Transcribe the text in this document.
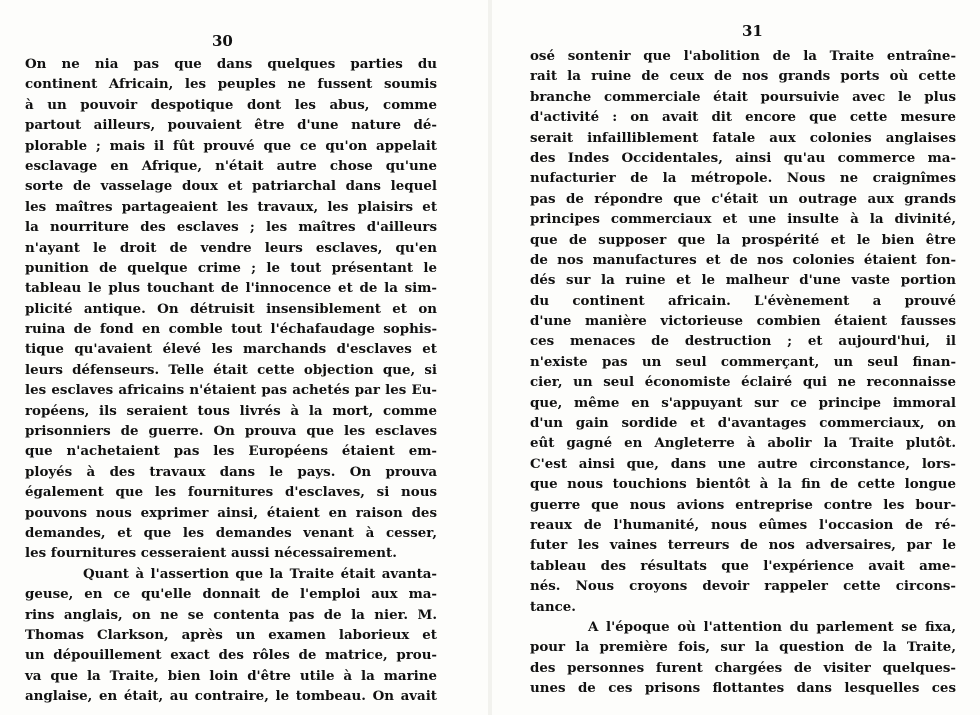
30
On ne nia pas que dans quelques parties du
continent Africain, les peuples ne fussent soumis
à un pouvoir despotique dont les abus, comme
partout ailleurs, pouvaient être d'une nature dé-
plorable ; mais il fût prouvé que ce qu'on appelait
esclavage en Afrique, n'était autre chose qu'une
sorte de vasselage doux et patriarchal dans lequel
les maîtres partageaient les travaux, les plaisirs et
la nourriture des esclaves ; les maîtres d'ailleurs
n'ayant le droit de vendre leurs esclaves, qu'en
punition de quelque crime ; le tout présentant le
tableau le plus touchant de l'innocence et de la sim-
plicité antique. On détruisit insensiblement et on
ruina de fond en comble tout l'échafaudage sophis-
tique qu'avaient élevé les marchands d'esclaves et
leurs défenseurs. Telle était cette objection que, si
les esclaves africains n'étaient pas achetés par les Eu-
ropéens, ils seraient tous livrés à la mort, comme
prisonniers de guerre. On prouva que les esclaves
que n'achetaient pas les Européens étaient em-
ployés à des travaux dans le pays. On prouva
également que les fournitures d'esclaves, si nous
pouvons nous exprimer ainsi, étaient en raison des
demandes, et que les demandes venant à cesser,
les fournitures cesseraient aussi nécessairement.
Quant à l'assertion que la Traite était avanta-
geuse, en ce qu'elle donnait de l'emploi aux ma-
rins anglais, on ne se contenta pas de la nier. M.
Thomas Clarkson, après un examen laborieux et
un dépouillement exact des rôles de matrice, prou-
va que la Traite, bien loin d'être utile à la marine
anglaise, en était, au contraire, le tombeau. On avait
31
osé sontenir que l'abolition de la Traite entraîne-
rait la ruine de ceux de nos grands ports où cette
branche commerciale était poursuivie avec le plus
d'activité : on avait dit encore que cette mesure
serait infailliblement fatale aux colonies anglaises
des Indes Occidentales, ainsi qu'au commerce ma-
nufacturier de la métropole. Nous ne craignîmes
pas de répondre que c'était un outrage aux grands
principes commerciaux et une insulte à la divinité,
que de supposer que la prospérité et le bien être
de nos manufactures et de nos colonies étaient fon-
dés sur la ruine et le malheur d'une vaste portion
du continent africain. L'évènement a prouvé
d'une manière victorieuse combien étaient fausses
ces menaces de destruction ; et aujourd'hui, il
n'existe pas un seul commerçant, un seul finan-
cier, un seul économiste éclairé qui ne reconnaisse
que, même en s'appuyant sur ce principe immoral
d'un gain sordide et d'avantages commerciaux, on
eût gagné en Angleterre à abolir la Traite plutôt.
C'est ainsi que, dans une autre circonstance, lors-
que nous touchions bientôt à la fin de cette longue
guerre que nous avions entreprise contre les bour-
reaux de l'humanité, nous eûmes l'occasion de ré-
futer les vaines terreurs de nos adversaires, par le
tableau des résultats que l'expérience avait ame-
nés. Nous croyons devoir rappeler cette circons-
tance.
A l'époque où l'attention du parlement se fixa,
pour la première fois, sur la question de la Traite,
des personnes furent chargées de visiter quelques-
unes de ces prisons flottantes dans lesquelles ces
